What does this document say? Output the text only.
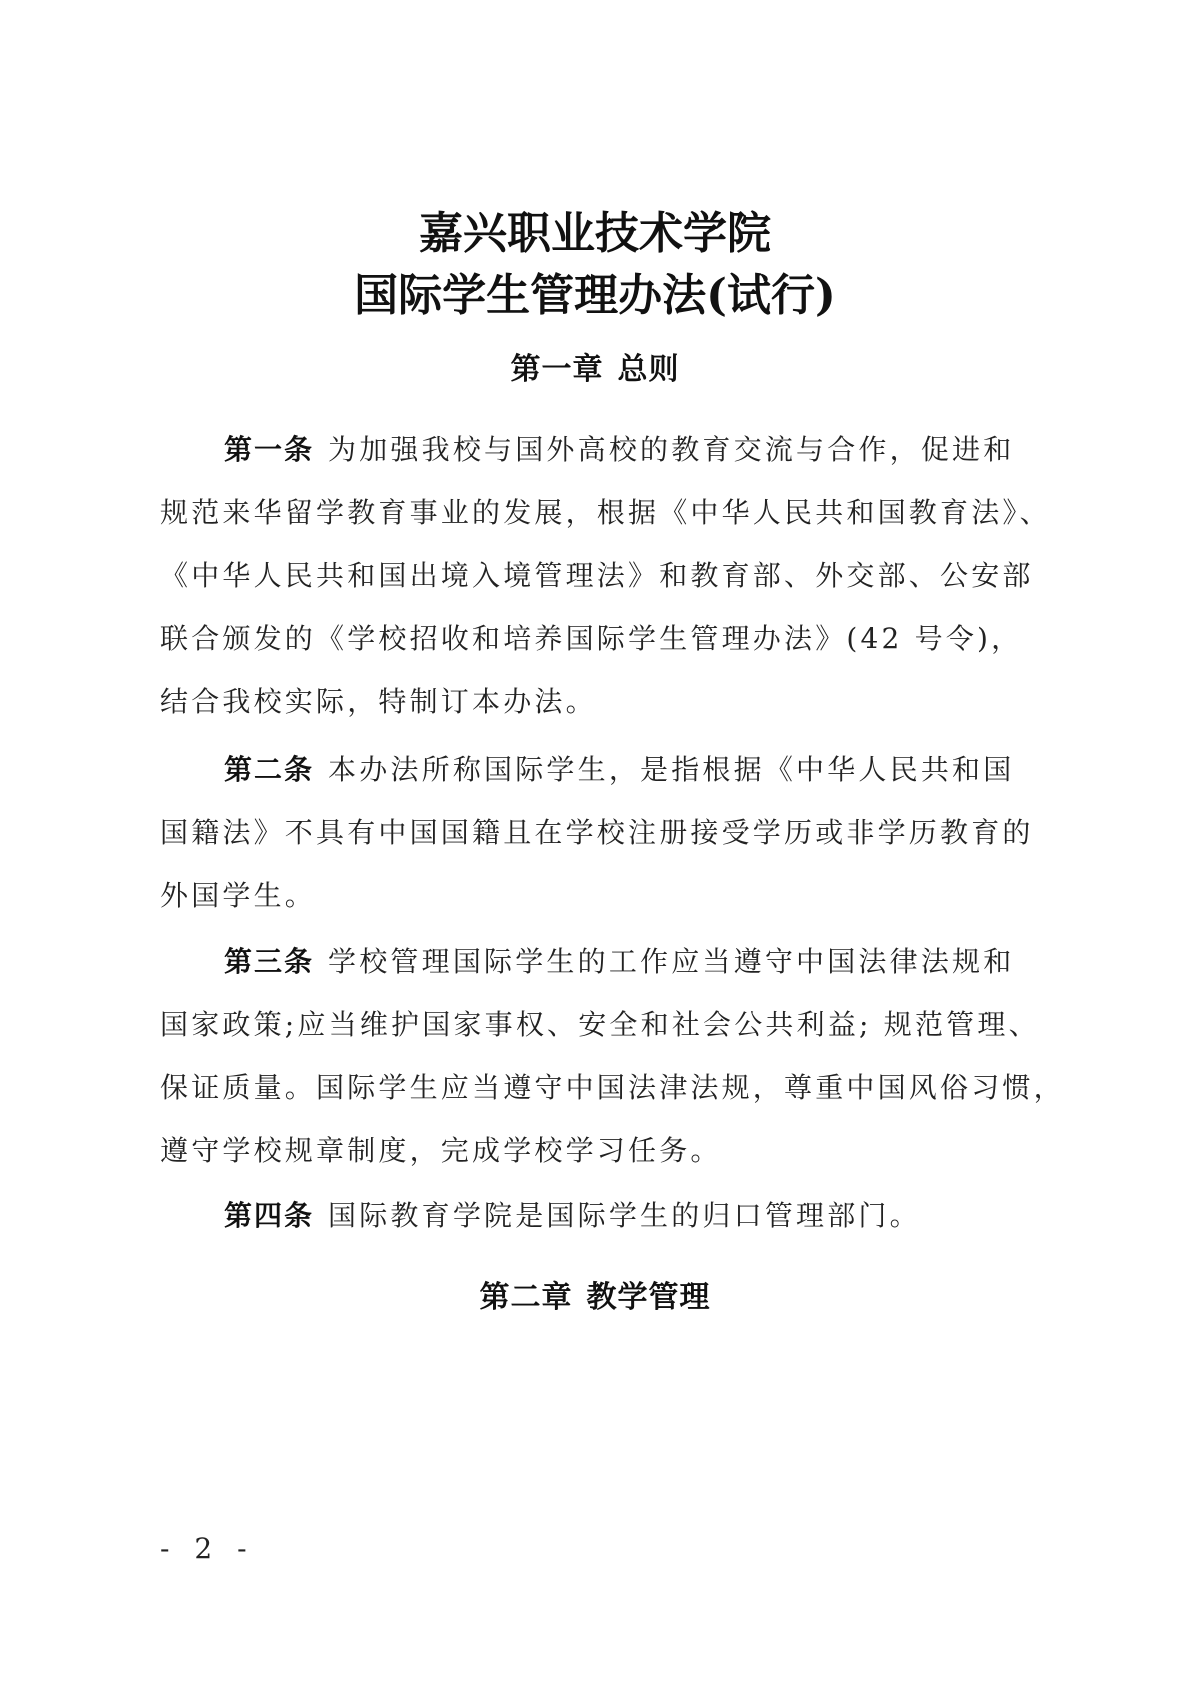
嘉兴职业技术学院
国际学生管理办法(试行)
第一章 总则
第一条 为加强我校与国外高校的教育交流与合作，促进和
规范来华留学教育事业的发展，根据《中华人民共和国教育法》、
《中华人民共和国出境入境管理法》和教育部、外交部、公安部
联合颁发的《学校招收和培养国际学生管理办法》(42 号令)，
结合我校实际，特制订本办法。
第二条 本办法所称国际学生，是指根据《中华人民共和国
国籍法》不具有中国国籍且在学校注册接受学历或非学历教育的
外国学生。
第三条 学校管理国际学生的工作应当遵守中国法律法规和
国家政策;应当维护国家事权、安全和社会公共利益; 规范管理、
保证质量。国际学生应当遵守中国法津法规，尊重中国风俗习惯，
遵守学校规章制度，完成学校学习任务。
第四条 国际教育学院是国际学生的归口管理部门。
第二章 教学管理
- 2 -
